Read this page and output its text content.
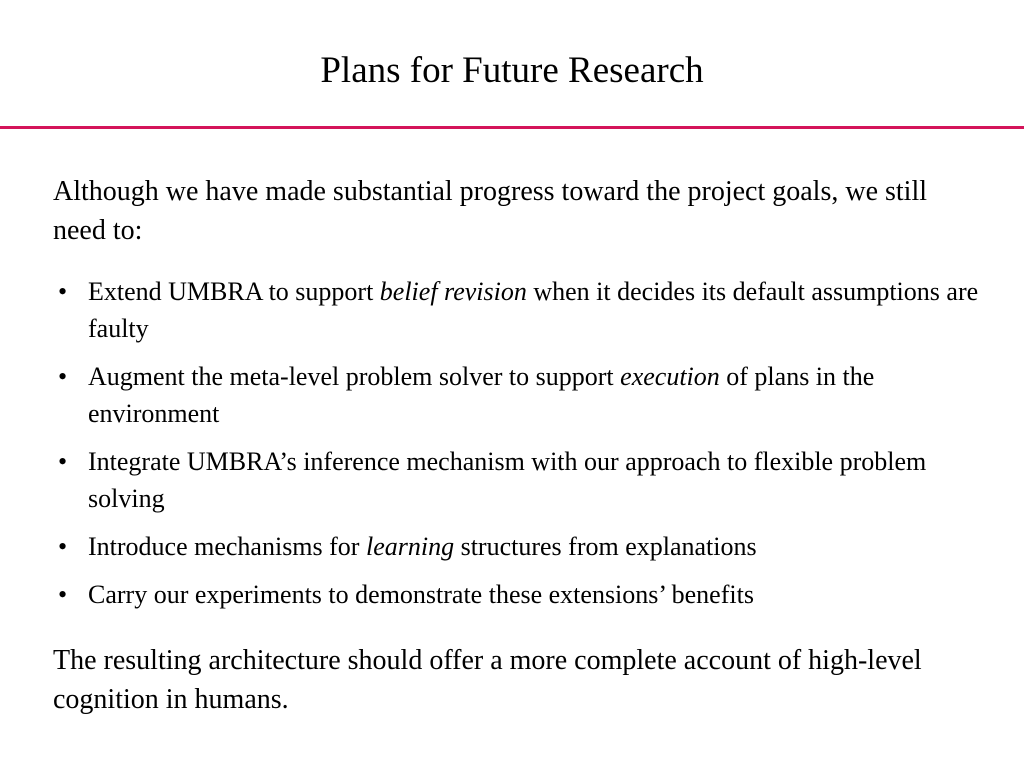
Plans for Future Research

Although we have made substantial progress toward the project goals, we still need to:

• Extend UMBRA to support belief revision when it decides its default assumptions are faulty
• Augment the meta-level problem solver to support execution of plans in the environment
• Integrate UMBRA’s inference mechanism with our approach to flexible problem solving
• Introduce mechanisms for learning structures from explanations
• Carry our experiments to demonstrate these extensions’ benefits

The resulting architecture should offer a more complete account of high-level cognition in humans.
